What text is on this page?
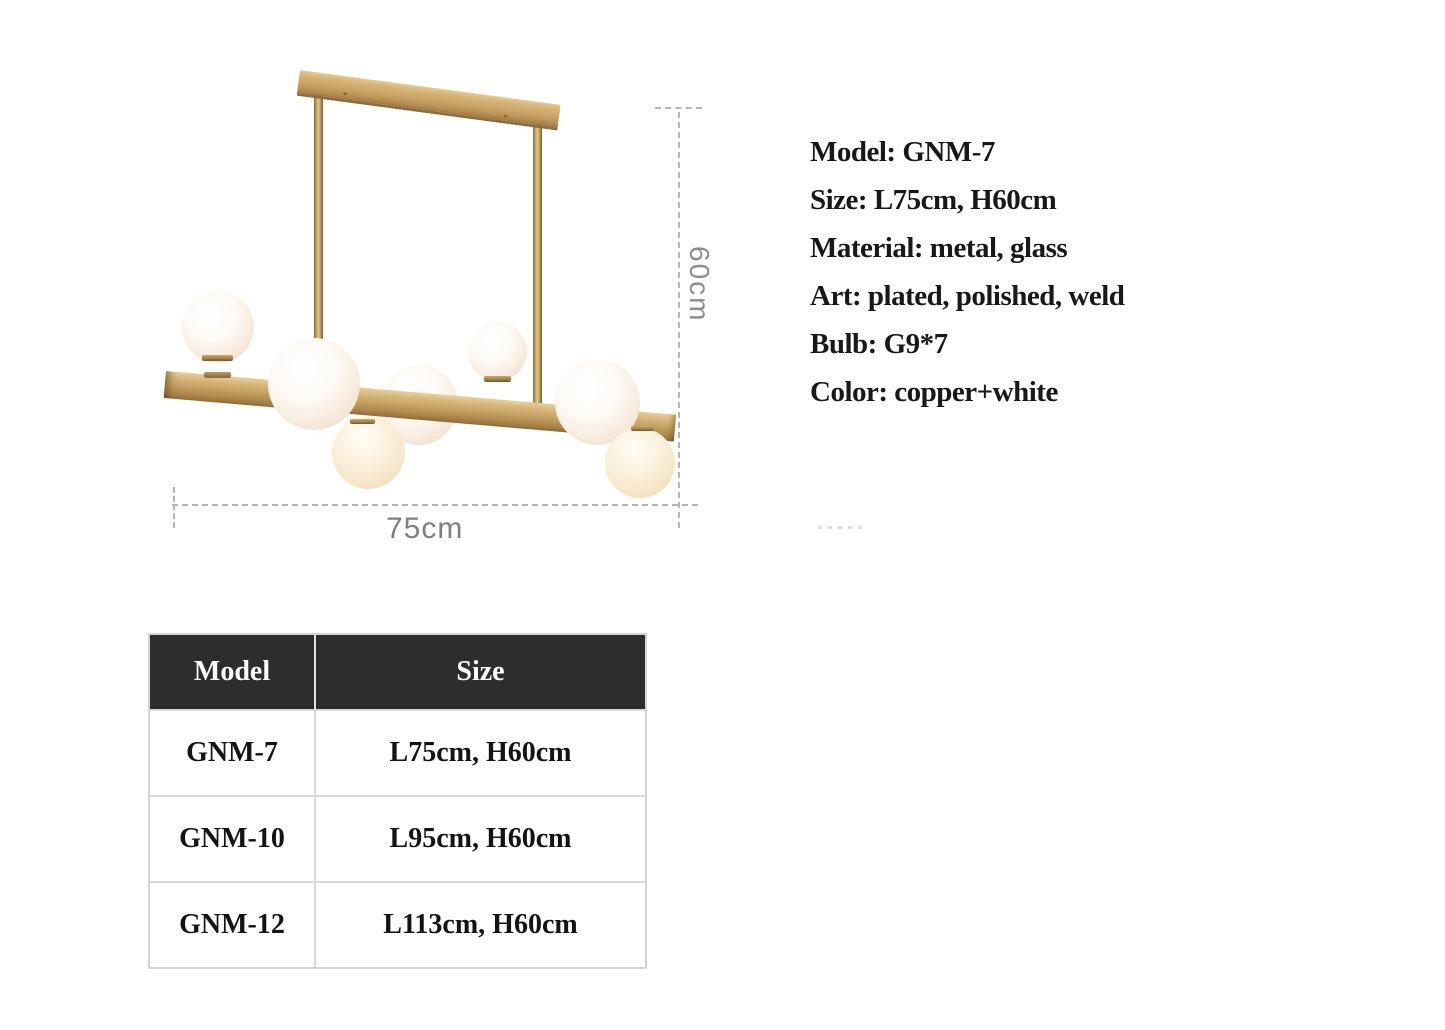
60cm
75cm

Model: GNM-7

Size: L75cm, H60cm

Material: metal, glass

Art: plated, polished, weld

Bulb: G9*7

Color: copper+white

Model	Size
GNM-7	L75cm, H60cm
GNM-10	L95cm, H60cm
GNM-12	L113cm, H60cm
